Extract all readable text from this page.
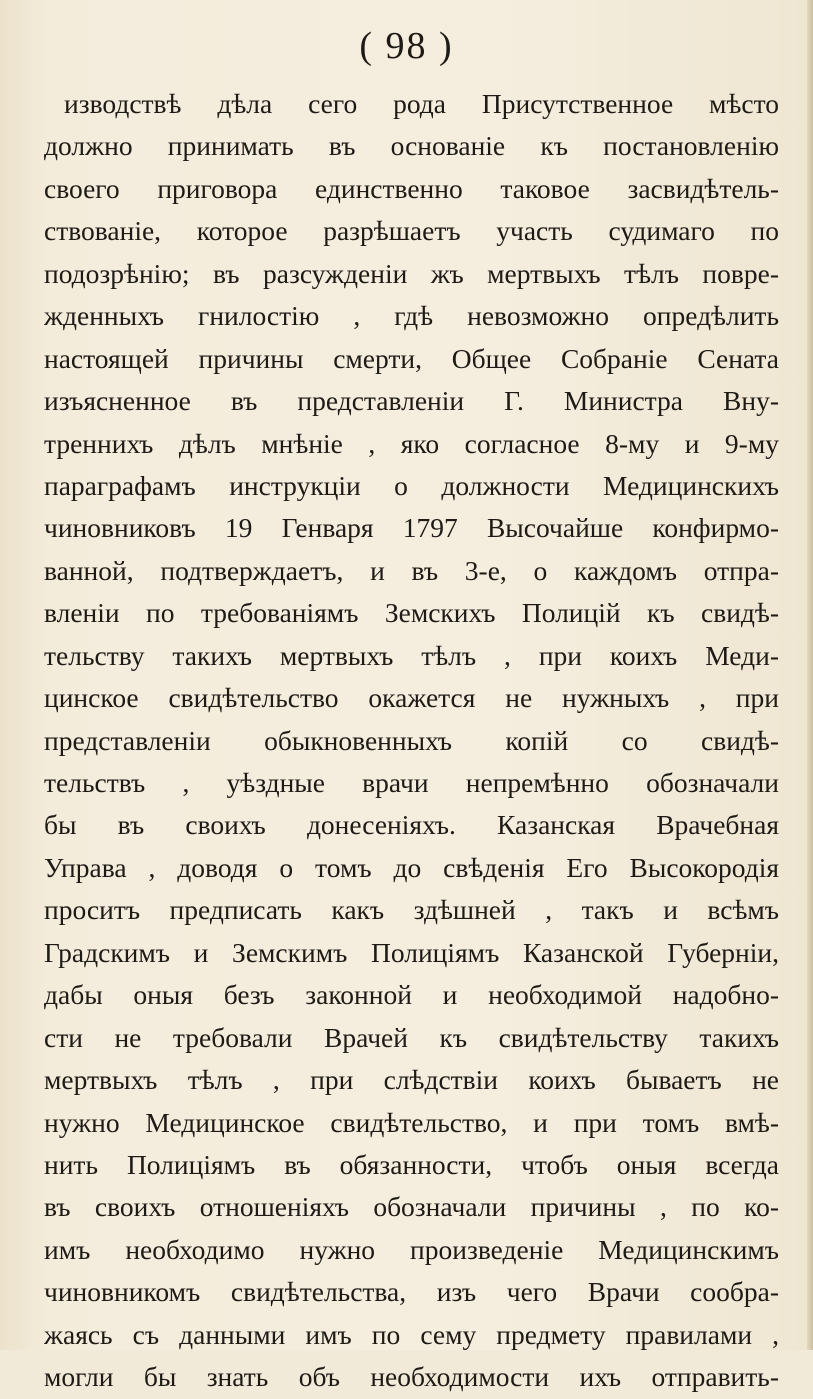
( 98 )
изводствѣ дѣла сего рода Присутственное мѣсто
должно принимать въ основаніе къ постановленію
своего приговора единственно таковое засвидѣтель-
ствованіе, которое разрѣшаетъ участь судимаго по
подозрѣнію; въ разсужденіи жъ мертвыхъ тѣлъ повре-
жденныхъ гнилостію , гдѣ невозможно опредѣлить
настоящей причины смерти, Общее Собраніе Сената
изъясненное въ представленіи Г. Министра Вну-
треннихъ дѣлъ мнѣніе , яко согласное 8-му и 9-му
параграфамъ инструкціи о должности Медицинскихъ
чиновниковъ 19 Генваря 1797 Высочайше конфирмо-
ванной, подтверждаетъ, и въ 3-е, о каждомъ отпра-
вленіи по требованіямъ Земскихъ Полицій къ свидѣ-
тельству такихъ мертвыхъ тѣлъ , при коихъ Меди-
цинское свидѣтельство окажется не нужныхъ , при
представленіи обыкновенныхъ копій со свидѣ-
тельствъ , уѣздные врачи непремѣнно обозначали
бы въ своихъ донесеніяхъ. Казанская Врачебная
Управа , доводя о томъ до свѣденія Его Высокородія
проситъ предписать какъ здѣшней , такъ и всѣмъ
Градскимъ и Земскимъ Полиціямъ Казанской Губерніи,
дабы оныя безъ законной и необходимой надобно-
сти не требовали Врачей къ свидѣтельству такихъ
мертвыхъ тѣлъ , при слѣдствіи коихъ бываетъ не
нужно Медицинское свидѣтельство, и при томъ вмѣ-
нить Полиціямъ въ обязанности, чтобъ оныя всегда
въ своихъ отношеніяхъ обозначали причины , по ко-
имъ необходимо нужно произведеніе Медицинскимъ
чиновникомъ свидѣтельства, изъ чего Врачи сообра-
жаясь съ данными имъ по сему предмету правилами ,
могли бы знать объ необходимости ихъ отправить-
